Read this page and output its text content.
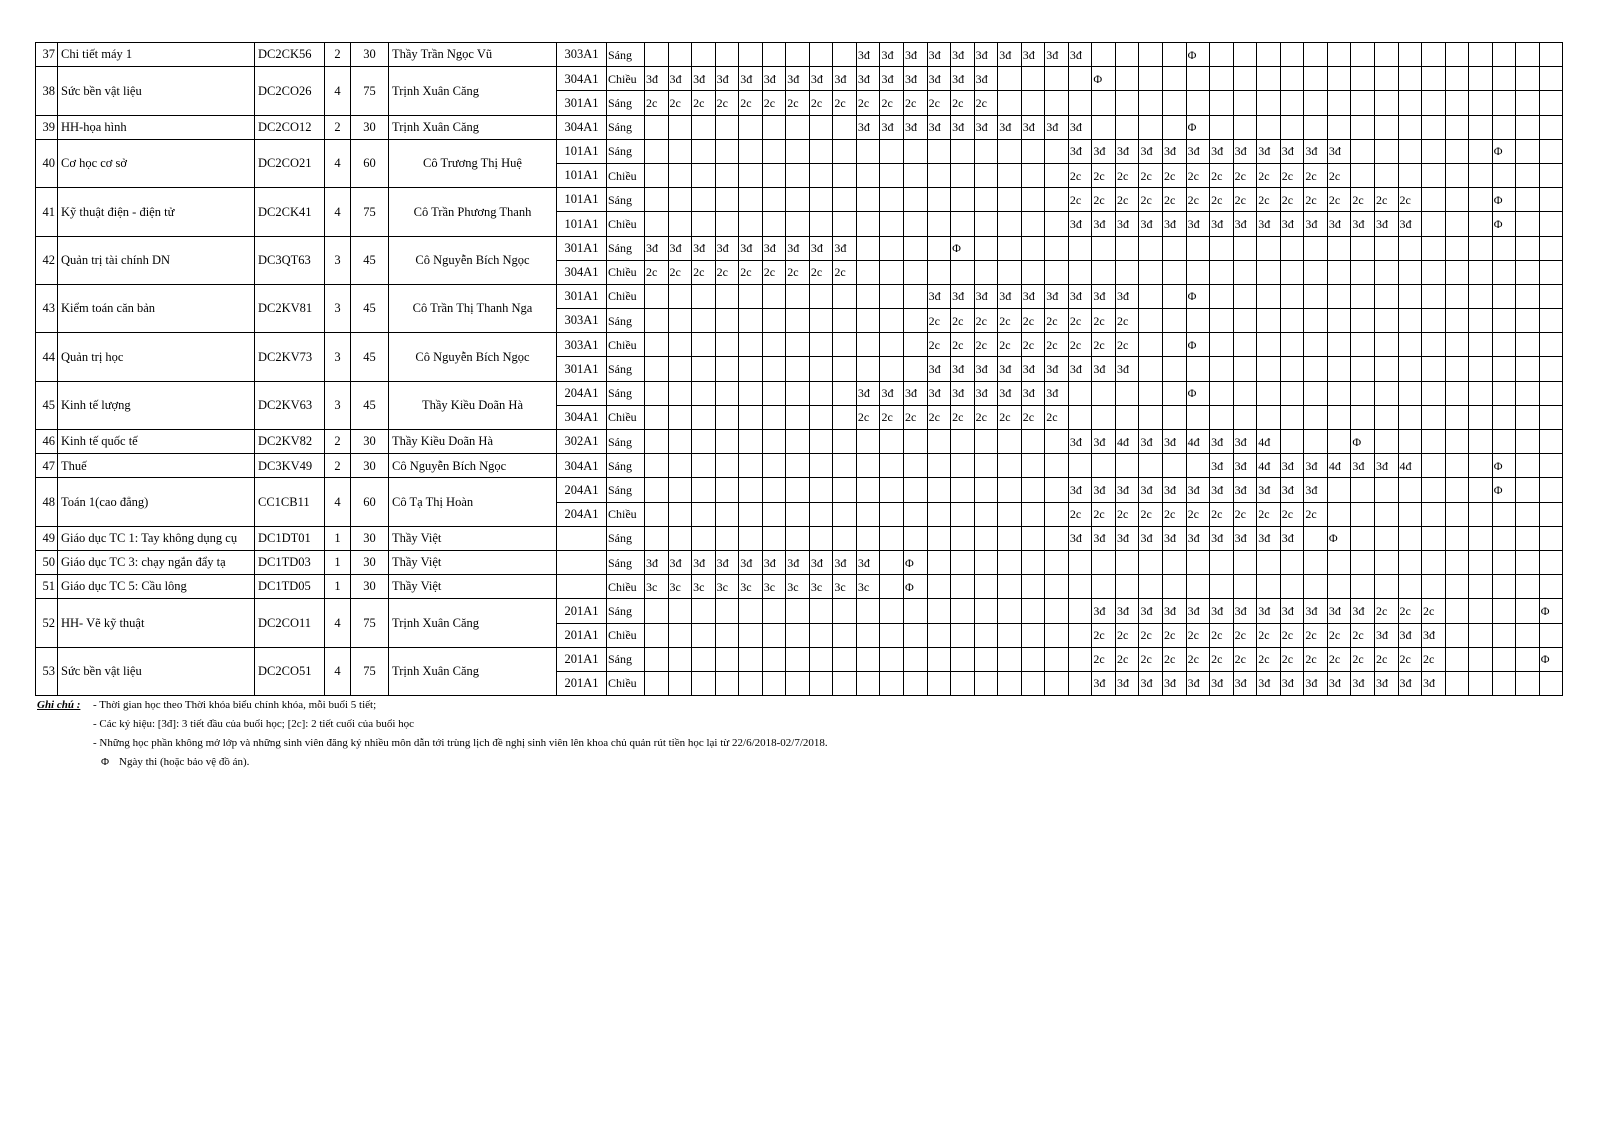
37	Chi tiết máy 1	DC2CK56	2	30	Thầy Trần Ngọc Vũ	303A1	Sáng										3đ	3đ	3đ	3đ	3đ	3đ	3đ	3đ	3đ	3đ					Φ															
38	Sức bền vật liệu	DC2CO26	4	75	Trịnh Xuân Căng	304A1	Chiều	3đ	3đ	3đ	3đ	3đ	3đ	3đ	3đ	3đ	3đ	3đ	3đ	3đ	3đ	3đ					Φ																			
						301A1	Sáng	2c	2c	2c	2c	2c	2c	2c	2c	2c	2c	2c	2c	2c	2c	2c																								
39	HH-họa hình	DC2CO12	2	30	Trịnh Xuân Căng	304A1	Sáng										3đ	3đ	3đ	3đ	3đ	3đ	3đ	3đ	3đ	3đ					Φ															
40	Cơ học cơ sở	DC2CO21	4	60	Cô Trương Thị Huệ	101A1	Sáng																			3đ	3đ	3đ	3đ	3đ	3đ	3đ	3đ	3đ	3đ	3đ	3đ							Φ		
						101A1	Chiều																			2c	2c	2c	2c	2c	2c	2c	2c	2c	2c	2c	2c									
41	Kỹ thuật điện - điện tử	DC2CK41	4	75	Cô Trần Phương Thanh	101A1	Sáng																			2c	2c	2c	2c	2c	2c	2c	2c	2c	2c	2c	2c	2c	2c	2c				Φ		
						101A1	Chiều																			3đ	3đ	3đ	3đ	3đ	3đ	3đ	3đ	3đ	3đ	3đ	3đ	3đ	3đ	3đ				Φ		
42	Quản trị tài chính DN	DC3QT63	3	45	Cô Nguyễn Bích Ngọc	301A1	Sáng	3đ	3đ	3đ	3đ	3đ	3đ	3đ	3đ	3đ					Φ																									
						304A1	Chiều	2c	2c	2c	2c	2c	2c	2c	2c	2c																														
43	Kiểm toán căn bản	DC2KV81	3	45	Cô Trần Thị Thanh Nga	301A1	Chiều													3đ	3đ	3đ	3đ	3đ	3đ	3đ	3đ	3đ			Φ															
						303A1	Sáng													2c	2c	2c	2c	2c	2c	2c	2c	2c																		
44	Quản trị học	DC2KV73	3	45	Cô Nguyễn Bích Ngọc	303A1	Chiều													2c	2c	2c	2c	2c	2c	2c	2c	2c			Φ															
						301A1	Sáng													3đ	3đ	3đ	3đ	3đ	3đ	3đ	3đ	3đ																		
45	Kinh tế lượng	DC2KV63	3	45	Thầy Kiều Doãn Hà	204A1	Sáng										3đ	3đ	3đ	3đ	3đ	3đ	3đ	3đ	3đ						Φ															
						304A1	Chiều										2c	2c	2c	2c	2c	2c	2c	2c	2c																					
46	Kinh tế quốc tế	DC2KV82	2	30	Thầy Kiều Doãn Hà	302A1	Sáng																			3đ	3đ	4đ	3đ	3đ	4đ	3đ	3đ	4đ				Φ								
47	Thuế	DC3KV49	2	30	Cô Nguyễn Bích Ngọc	304A1	Sáng																									3đ	3đ	4đ	3đ	3đ	4đ	3đ	3đ	4đ				Φ		
48	Toán 1(cao đẳng)	CC1CB11	4	60	Cô Tạ Thị Hoàn	204A1	Sáng																			3đ	3đ	3đ	3đ	3đ	3đ	3đ	3đ	3đ	3đ	3đ								Φ		
						204A1	Chiều																			2c	2c	2c	2c	2c	2c	2c	2c	2c	2c	2c										
49	Giáo dục TC 1: Tay không dụng cụ	DC1DT01	1	30	Thầy Việt		Sáng																			3đ	3đ	3đ	3đ	3đ	3đ	3đ	3đ	3đ	3đ		Φ									
50	Giáo dục TC 3: chạy ngắn đẩy tạ	DC1TD03	1	30	Thầy Việt		Sáng	3đ	3đ	3đ	3đ	3đ	3đ	3đ	3đ	3đ	3đ		Φ																											
51	Giáo dục TC 5: Cầu lông	DC1TD05	1	30	Thầy Việt		Chiều	3c	3c	3c	3c	3c	3c	3c	3c	3c	3c		Φ																											
52	HH- Vẽ kỹ thuật	DC2CO11	4	75	Trịnh Xuân Căng	201A1	Sáng																				3đ	3đ	3đ	3đ	3đ	3đ	3đ	3đ	3đ	3đ	3đ	3đ	2c	2c	2c					Φ
						201A1	Chiều																				2c	2c	2c	2c	2c	2c	2c	2c	2c	2c	2c	2c	3đ	3đ	3đ					
53	Sức bền vật liệu	DC2CO51	4	75	Trịnh Xuân Căng	201A1	Sáng																				2c	2c	2c	2c	2c	2c	2c	2c	2c	2c	2c	2c	2c	2c	2c					Φ
						201A1	Chiều																				3đ	3đ	3đ	3đ	3đ	3đ	3đ	3đ	3đ	3đ	3đ	3đ	3đ	3đ	3đ					
Ghi chú : - Thời gian học theo Thời khóa biểu chính khóa, mỗi buổi 5 tiết;
- Các ký hiệu: [3đ]: 3 tiết đầu của buổi học; [2c]: 2 tiết cuối của buổi học
- Những học phần không mở lớp và những sinh viên đăng ký nhiều môn dẫn tới trùng lịch đề nghị sinh viên lên khoa chủ quản rút tiền học lại từ 22/6/2018-02/7/2018.
Φ Ngày thi (hoặc bảo vệ đồ án).
